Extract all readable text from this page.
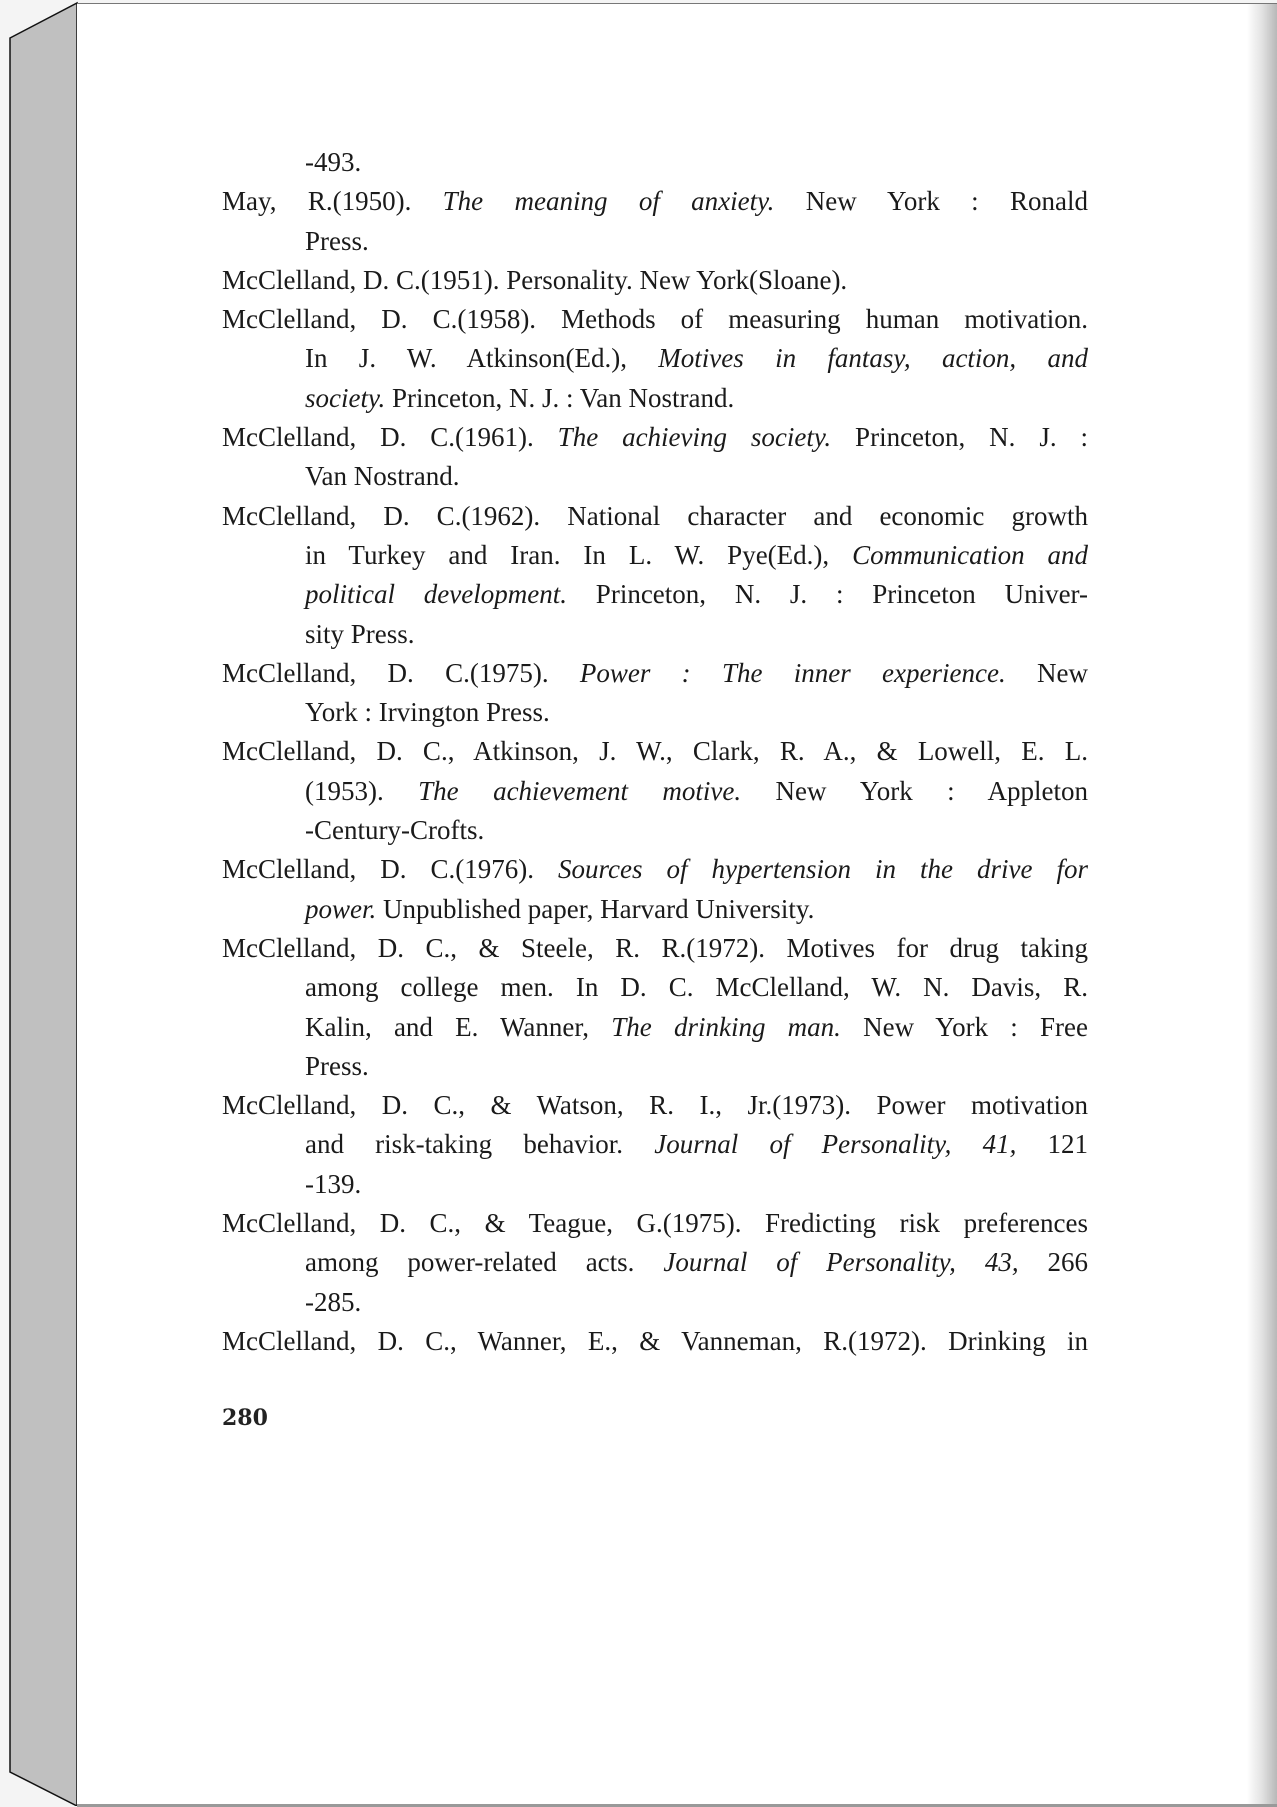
-493.
May, R.(1950). The meaning of anxiety. New York : Ronald
Press.
McClelland, D. C.(1951). Personality. New York(Sloane).
McClelland, D. C.(1958). Methods of measuring human motivation.
In J. W. Atkinson(Ed.), Motives in fantasy, action, and
society. Princeton, N. J. : Van Nostrand.
McClelland, D. C.(1961). The achieving society. Princeton, N. J. :
Van Nostrand.
McClelland, D. C.(1962). National character and economic growth
in Turkey and Iran. In L. W. Pye(Ed.), Communication and
political development. Princeton, N. J. : Princeton Univer-
sity Press.
McClelland, D. C.(1975). Power : The inner experience. New
York : Irvington Press.
McClelland, D. C., Atkinson, J. W., Clark, R. A., & Lowell, E. L.
(1953). The achievement motive. New York : Appleton
-Century-Crofts.
McClelland, D. C.(1976). Sources of hypertension in the drive for
power. Unpublished paper, Harvard University.
McClelland, D. C., & Steele, R. R.(1972). Motives for drug taking
among college men. In D. C. McClelland, W. N. Davis, R.
Kalin, and E. Wanner, The drinking man. New York : Free
Press.
McClelland, D. C., & Watson, R. I., Jr.(1973). Power motivation
and risk-taking behavior. Journal of Personality, 41, 121
-139.
McClelland, D. C., & Teague, G.(1975). Fredicting risk preferences
among power-related acts. Journal of Personality, 43, 266
-285.
McClelland, D. C., Wanner, E., & Vanneman, R.(1972). Drinking in
280
